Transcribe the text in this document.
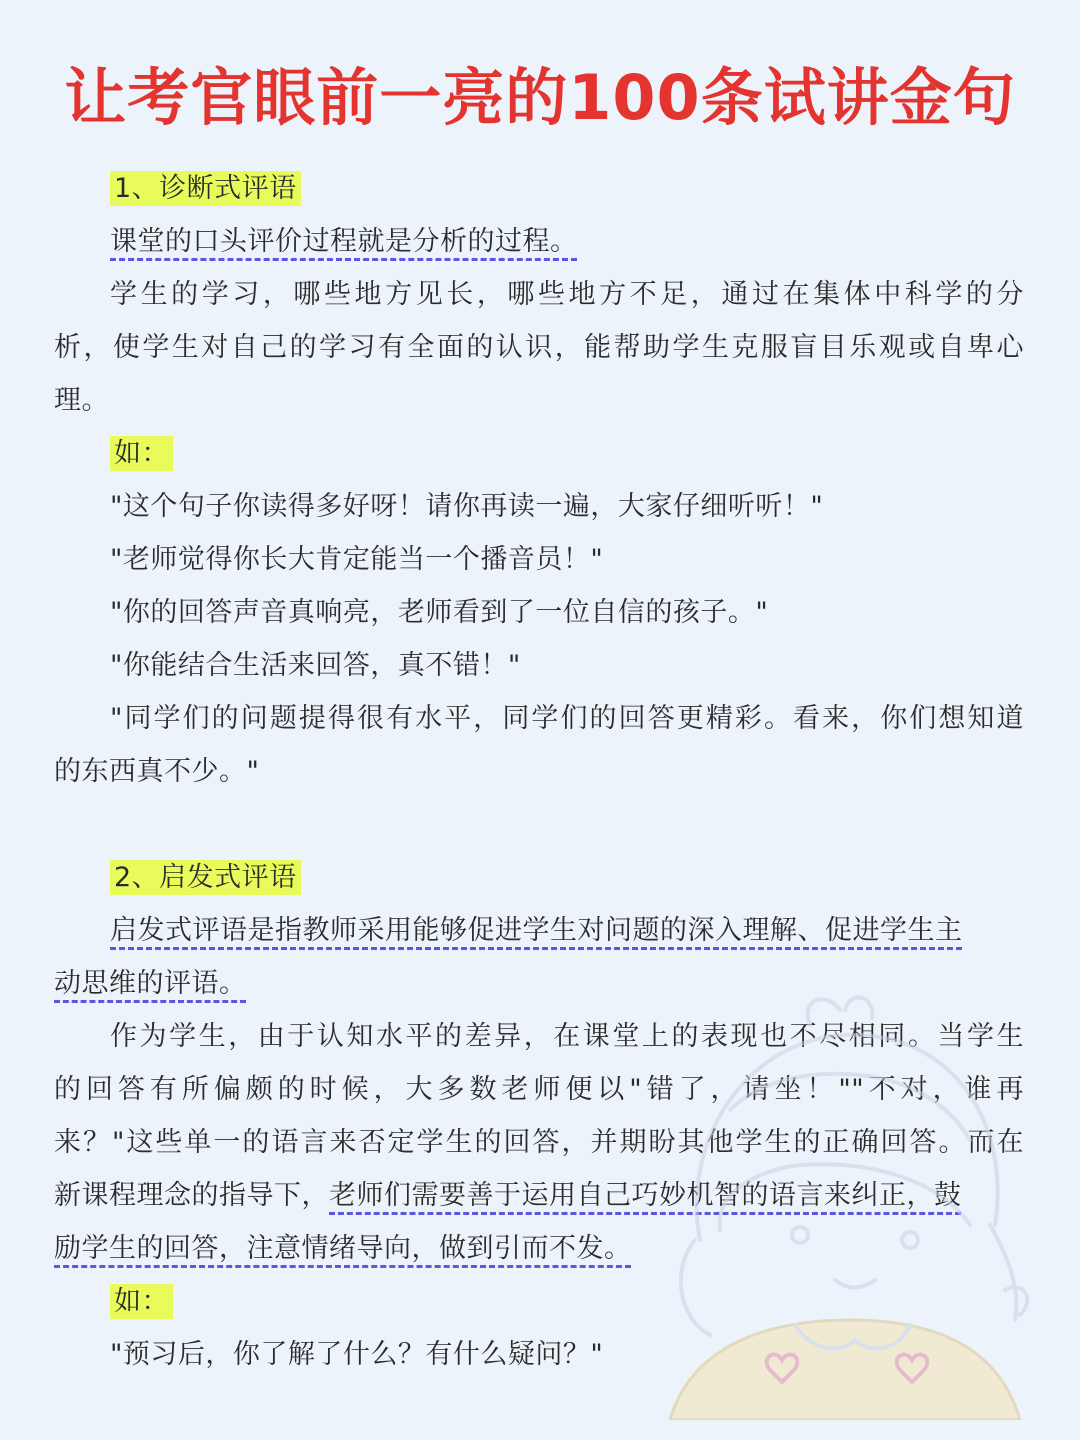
让考官眼前一亮的100条试讲金句
1、诊断式评语
课堂的口头评价过程就是分析的过程。
学生的学习，哪些地方见长，哪些地方不足，通过在集体中科学的分
析，使学生对自己的学习有全面的认识，能帮助学生克服盲目乐观或自卑心
理。
如：
"这个句子你读得多好呀！请你再读一遍，大家仔细听听！"
"老师觉得你长大肯定能当一个播音员！"
"你的回答声音真响亮，老师看到了一位自信的孩子。"
"你能结合生活来回答，真不错！"
"同学们的问题提得很有水平，同学们的回答更精彩。看来，你们想知道
的东西真不少。"
2、启发式评语
启发式评语是指教师采用能够促进学生对问题的深入理解、促进学生主
动思维的评语。
作为学生，由于认知水平的差异，在课堂上的表现也不尽相同。当学生
的回答有所偏颇的时候，大多数老师便以"错了，请坐！""不对，谁再
来？"这些单一的语言来否定学生的回答，并期盼其他学生的正确回答。而在
新课程理念的指导下，老师们需要善于运用自己巧妙机智的语言来纠正，鼓
励学生的回答，注意情绪导向，做到引而不发。
如：
"预习后，你了解了什么？有什么疑问？"
